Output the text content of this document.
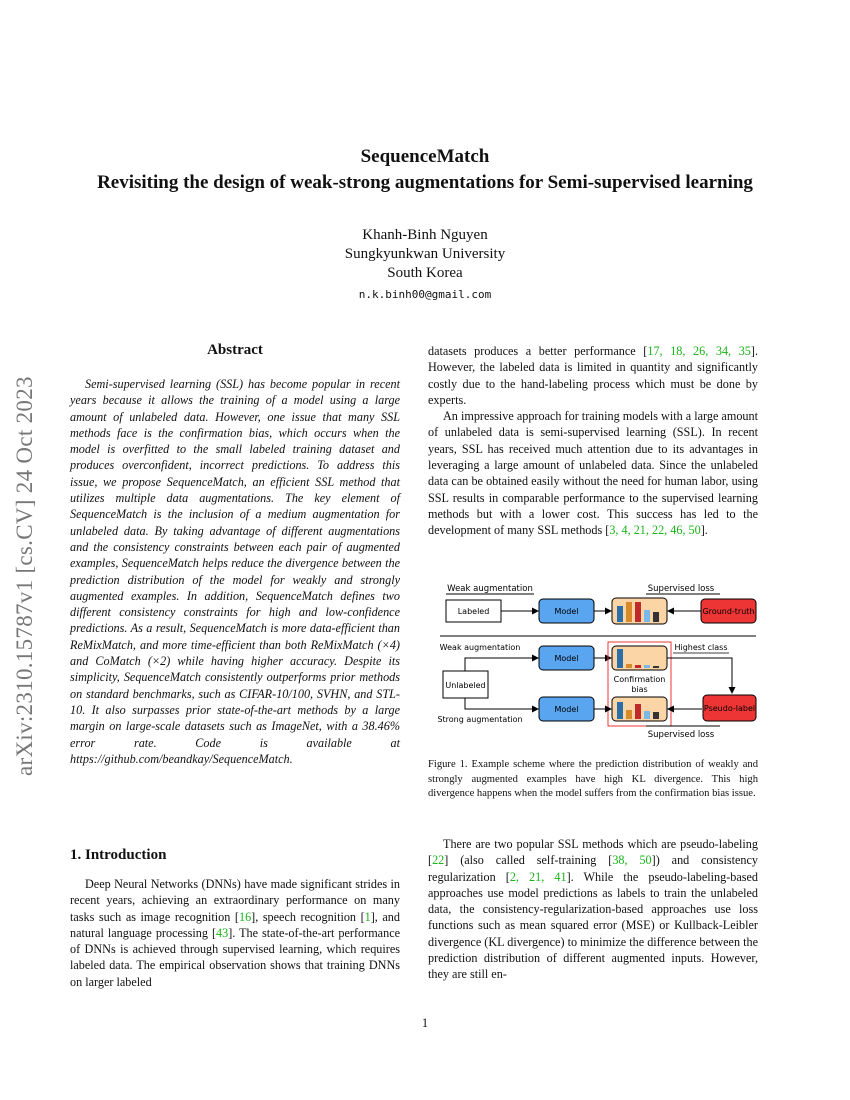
arXiv:2310.15787v1 [cs.CV] 24 Oct 2023
SequenceMatch
Revisiting the design of weak-strong augmentations for Semi-supervised learning
Khanh-Binh Nguyen
Sungkyunkwan University
South Korea
n.k.binh00@gmail.com
Abstract

Semi-supervised learning (SSL) has become popular in recent years because it allows the training of a model using a large amount of unlabeled data. However, one issue that many SSL methods face is the confirmation bias, which occurs when the model is overfitted to the small labeled training dataset and produces overconfident, incorrect predictions. To address this issue, we propose SequenceMatch, an efficient SSL method that utilizes multiple data augmentations. The key element of SequenceMatch is the inclusion of a medium augmentation for unlabeled data. By taking advantage of different augmentations and the consistency constraints between each pair of augmented examples, SequenceMatch helps reduce the divergence between the prediction distribution of the model for weakly and strongly augmented examples. In addition, SequenceMatch defines two different consistency constraints for high and low-confidence predictions. As a result, SequenceMatch is more data-efficient than ReMixMatch, and more time-efficient than both ReMixMatch (×4) and CoMatch (×2) while having higher accuracy. Despite its simplicity, SequenceMatch consistently outperforms prior methods on standard benchmarks, such as CIFAR-10/100, SVHN, and STL-10. It also surpasses prior state-of-the-art methods by a large margin on large-scale datasets such as ImageNet, with a 38.46% error rate. Code is available at https://github.com/beandkay/SequenceMatch.

1. Introduction

Deep Neural Networks (DNNs) have made significant strides in recent years, achieving an extraordinary performance on many tasks such as image recognition [16], speech recognition [1], and natural language processing [43]. The state-of-the-art performance of DNNs is achieved through supervised learning, which requires labeled data. The empirical observation shows that training DNNs on larger labeled

datasets produces a better performance [17, 18, 26, 34, 35]. However, the labeled data is limited in quantity and significantly costly due to the hand-labeling process which must be done by experts.

An impressive approach for training models with a large amount of unlabeled data is semi-supervised learning (SSL). In recent years, SSL has received much attention due to its advantages in leveraging a large amount of unlabeled data. Since the unlabeled data can be obtained easily without the need for human labor, using SSL results in comparable performance to the supervised learning methods but with a lower cost. This success has led to the development of many SSL methods [3, 4, 21, 22, 46, 50].

Weak augmentation	Supervised loss
Labeled	Model	Ground-truth
Weak augmentation	Highest class
Unlabeled
Model
Confirmation
bias
Model	Pseudo-label
Strong augmentation
Supervised loss
Figure 1. Example scheme where the prediction distribution of weakly and strongly augmented examples have high KL divergence. This high divergence happens when the model suffers from the confirmation bias issue.

There are two popular SSL methods which are pseudo-labeling [22] (also called self-training [38, 50]) and consistency regularization [2, 21, 41]. While the pseudo-labeling-based approaches use model predictions as labels to train the unlabeled data, the consistency-regularization-based approaches use loss functions such as mean squared error (MSE) or Kullback-Leibler divergence (KL divergence) to minimize the difference between the prediction distribution of different augmented inputs. However, they are still en-

1
